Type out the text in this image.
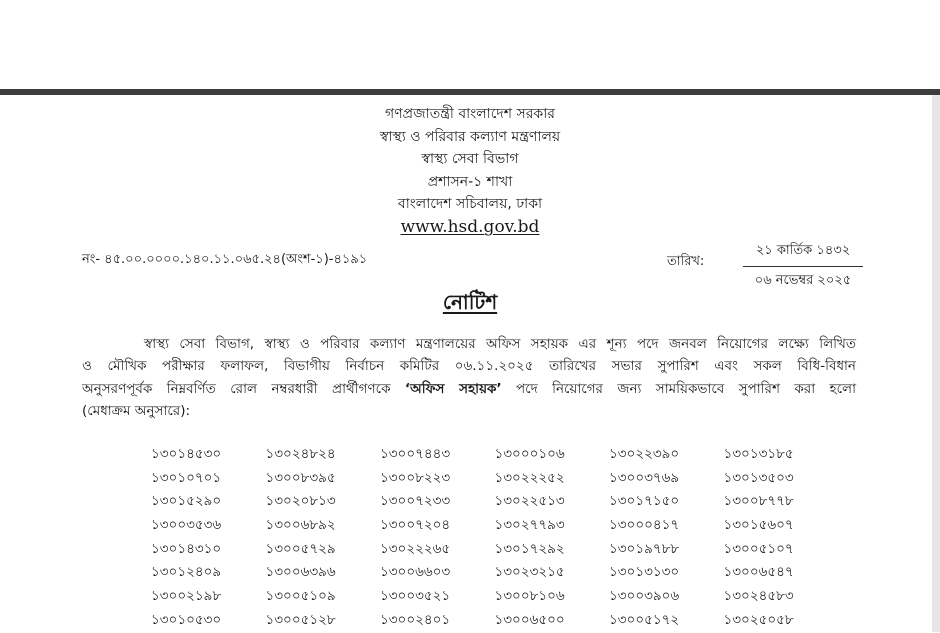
গণপ্রজাতন্ত্রী বাংলাদেশ সরকার
স্বাস্থ্য ও পরিবার কল্যাণ মন্ত্রণালয়
স্বাস্থ্য সেবা বিভাগ
প্রশাসন-১ শাখা
বাংলাদেশ সচিবালয়, ঢাকা
www.hsd.gov.bd
নং- ৪৫.০০.০০০০.১৪০.১১.০৬৫.২৪(অংশ-১)-৪১৯১	তারিখ:
২১ কার্তিক ১৪৩২
০৬ নভেম্বর ২০২৫
নোটিশ
স্বাস্থ্য সেবা বিভাগ, স্বাস্থ্য ও পরিবার কল্যাণ মন্ত্রণালয়ের অফিস সহায়ক এর শূন্য পদে জনবল নিয়োগের লক্ষ্যে লিখিত
ও মৌখিক পরীক্ষার ফলাফল, বিভাগীয় নির্বাচন কমিটির ০৬.১১.২০২৫ তারিখের সভার সুপারিশ এবং সকল বিধি-বিধান
অনুসরণপূর্বক নিম্নবর্ণিত রোল নম্বরধারী প্রার্থীগণকে ‘অফিস সহায়ক’ পদে নিয়োগের জন্য সাময়িকভাবে সুপারিশ করা হলো
(মেধাক্রম অনুসারে):
১৩০১৪৫৩০	১৩০২৪৮২৪	১৩০০৭৪৪৩	১৩০০০১০৬	১৩০২২৩৯০	১৩০১৩১৮৫
১৩০১০৭০১	১৩০০৮৩৯৫	১৩০০৮২২৩	১৩০২২২৫২	১৩০০৩৭৬৯	১৩০১৩৫০৩
১৩০১৫২৯০	১৩০২০৮১৩	১৩০০৭২৩৩	১৩০২২৫১৩	১৩০১৭১৫০	১৩০০৮৭৭৮
১৩০০৩৫৩৬	১৩০০৬৮৯২	১৩০০৭২০৪	১৩০২৭৭৯৩	১৩০০০৪১৭	১৩০১৫৬০৭
১৩০১৪৩১০	১৩০০৫৭২৯	১৩০২২২৬৫	১৩০১৭২৯২	১৩০১৯৭৮৮	১৩০০৫১০৭
১৩০১২৪০৯	১৩০০৬৩৯৬	১৩০০৬৬০৩	১৩০২৩২১৫	১৩০১৩১৩০	১৩০০৬৫৪৭
১৩০০২১৯৮	১৩০০৫১০৯	১৩০০৩৫২১	১৩০০৮১০৬	১৩০০৩৯০৬	১৩০২৪৫৮৩
১৩০১০৫৩০	১৩০০৫১২৮	১৩০০২৪০১	১৩০০৬৫০০	১৩০০৫১৭২	১৩০২৫০৫৮
